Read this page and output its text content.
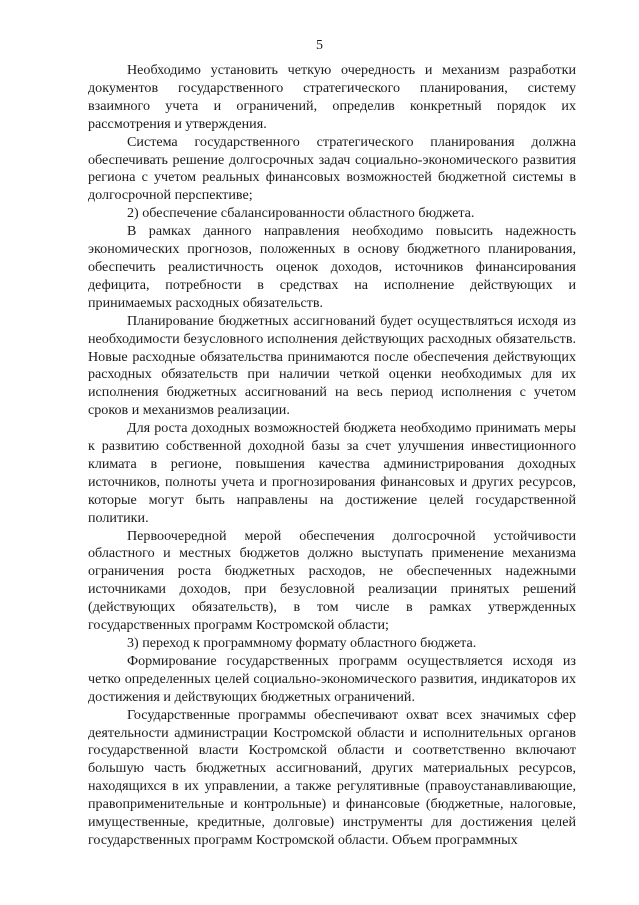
5

Необходимо установить четкую очередность и механизм разработки документов государственного стратегического планирования, систему взаимного учета и ограничений, определив конкретный порядок их рассмотрения и утверждения.

Система государственного стратегического планирования должна обеспечивать решение долгосрочных задач социально-экономического развития региона с учетом реальных финансовых возможностей бюджетной системы в долгосрочной перспективе;

2) обеспечение сбалансированности областного бюджета.

В рамках данного направления необходимо повысить надежность экономических прогнозов, положенных в основу бюджетного планирования, обеспечить реалистичность оценок доходов, источников финансирования дефицита, потребности в средствах на исполнение действующих и принимаемых расходных обязательств.

Планирование бюджетных ассигнований будет осуществляться исходя из необходимости безусловного исполнения действующих расходных обязательств. Новые расходные обязательства принимаются после обеспечения действующих расходных обязательств при наличии четкой оценки необходимых для их исполнения бюджетных ассигнований на весь период исполнения с учетом сроков и механизмов реализации.

Для роста доходных возможностей бюджета необходимо принимать меры к развитию собственной доходной базы за счет улучшения инвестиционного климата в регионе, повышения качества администрирования доходных источников, полноты учета и прогнозирования финансовых и других ресурсов, которые могут быть направлены на достижение целей государственной политики.

Первоочередной мерой обеспечения долгосрочной устойчивости областного и местных бюджетов должно выступать применение механизма ограничения роста бюджетных расходов, не обеспеченных надежными источниками доходов, при безусловной реализации принятых решений (действующих обязательств), в том числе в рамках утвержденных государственных программ Костромской области;

3) переход к программному формату областного бюджета.

Формирование государственных программ осуществляется исходя из четко определенных целей социально-экономического развития, индикаторов их достижения и действующих бюджетных ограничений.

Государственные программы обеспечивают охват всех значимых сфер деятельности администрации Костромской области и исполнительных органов государственной власти Костромской области и соответственно включают большую часть бюджетных ассигнований, других материальных ресурсов, находящихся в их управлении, а также регулятивные (правоустанавливающие, правоприменительные и контрольные) и финансовые (бюджетные, налоговые, имущественные, кредитные, долговые) инструменты для достижения целей государственных программ Костромской области. Объем программных
